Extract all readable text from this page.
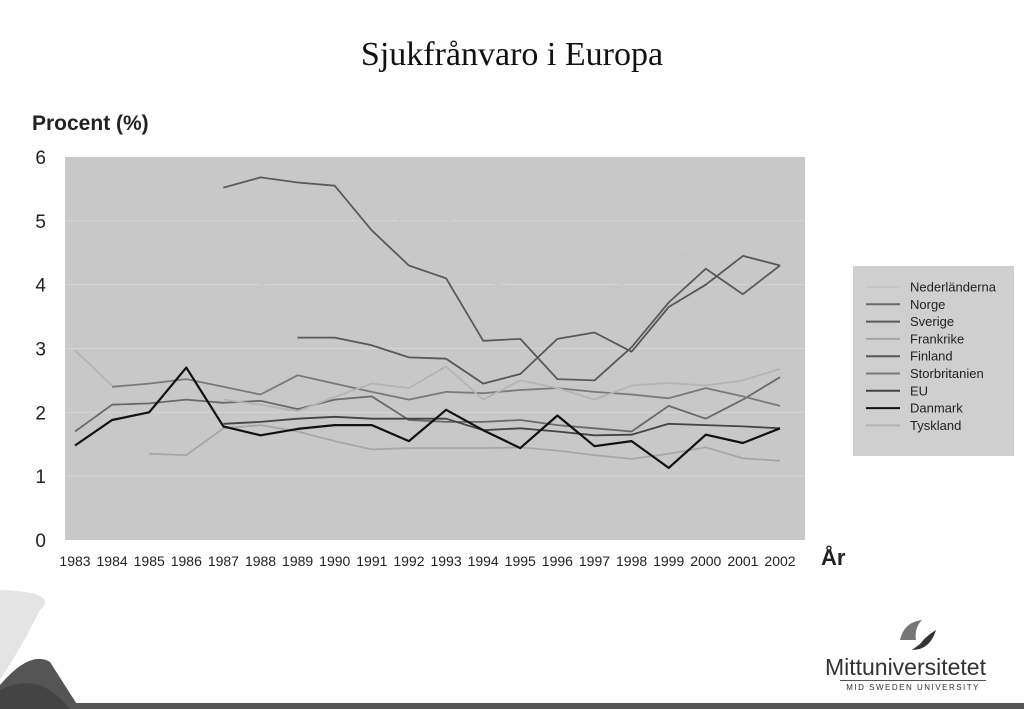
Sjukfrånvaro i Europa
Procent (%)
0
1
2
3
4
5
6
1983 1984 1985 1986 1987 1988 1989 1990 1991 1992 1993 1994 1995 1996 1997 1998 1999 2000 2001 2002 År
Nederländerna
Norge
Sverige
Frankrike
Finland
Storbritanien
EU
Danmark
Tyskland
Mittuniversitetet
MID SWEDEN UNIVERSITY
